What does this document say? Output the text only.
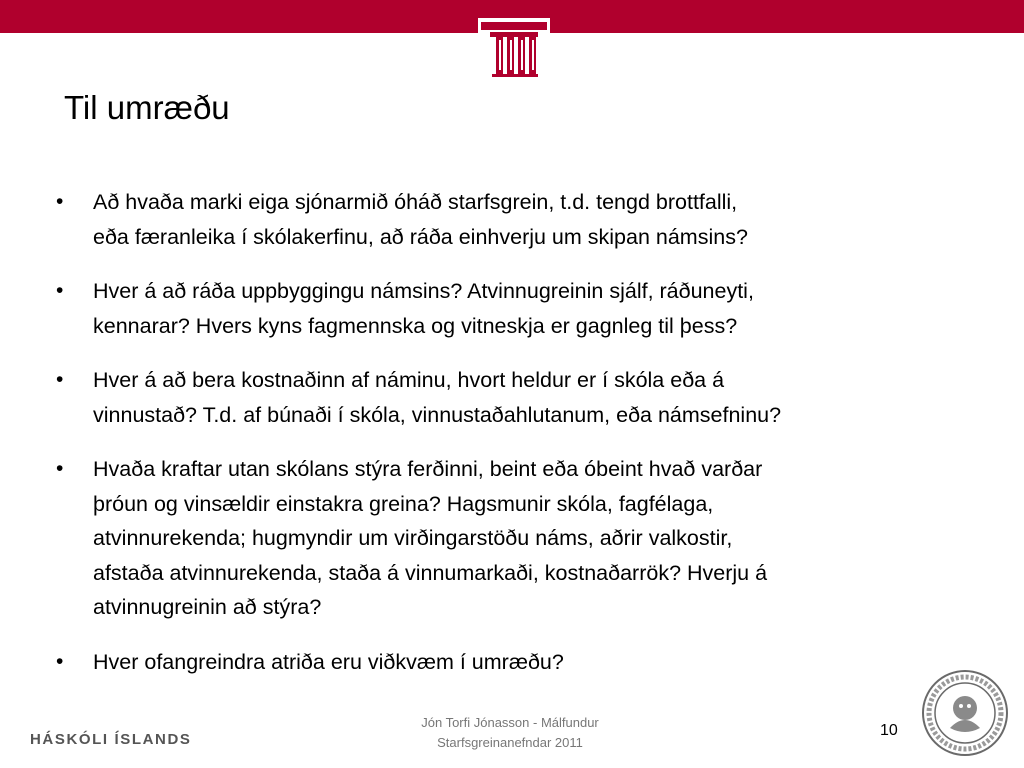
Til umræðu
• Að hvaða marki eiga sjónarmið óháð starfsgrein, t.d. tengd brottfalli,
eða færanleika í skólakerfinu, að ráða einhverju um skipan námsins?
• Hver á að ráða uppbyggingu námsins? Atvinnugreinin sjálf, ráðuneyti,
kennarar? Hvers kyns fagmennska og vitneskja er gagnleg til þess?
• Hver á að bera kostnaðinn af náminu, hvort heldur er í skóla eða á
vinnustað? T.d. af búnaði í skóla, vinnustaðahlutanum, eða námsefninu?
• Hvaða kraftar utan skólans stýra ferðinni, beint eða óbeint hvað varðar
þróun og vinsældir einstakra greina? Hagsmunir skóla, fagfélaga,
atvinnurekenda; hugmyndir um virðingarstöðu náms, aðrir valkostir,
afstaða atvinnurekenda, staða á vinnumarkaði, kostnaðarrök? Hverju á
atvinnugreinin að stýra?
• Hver ofangreindra atriða eru viðkvæm í umræðu?
HÁSKÓLI ÍSLANDS
Jón Torfi Jónasson - Málfundur
Starfsgreinanefndar 2011
10
